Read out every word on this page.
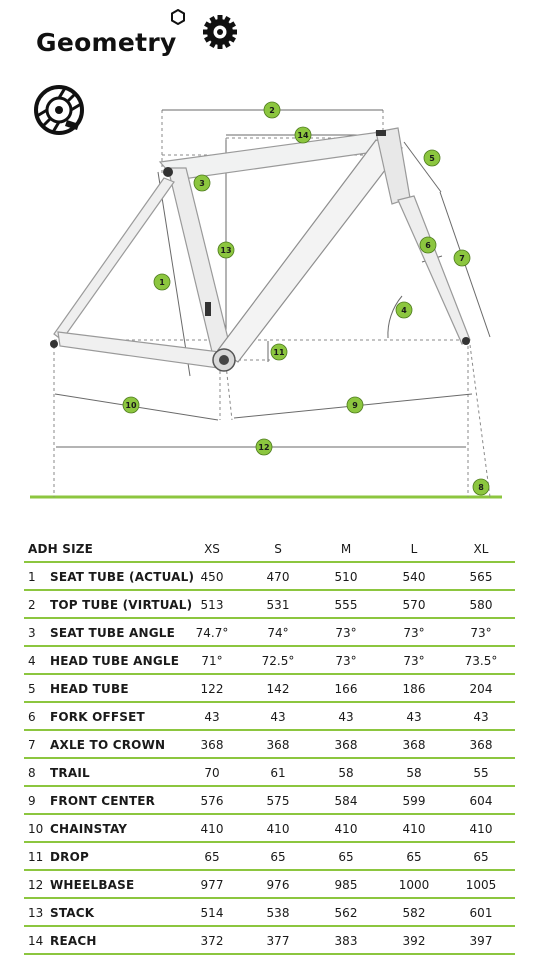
1
2
3
4
5
6
7
8
9
10
11
12
13
14
Geometry
ADH SIZE	XS	S	M	L	XL
1	SEAT TUBE (ACTUAL) 450	470	510	540	565
2	TOP TUBE (VIRTUAL) 513	531	555	570	580
3	SEAT TUBE ANGLE	74.7°	74°	73°	73°	73°
4	HEAD TUBE ANGLE	71°	72.5°	73°	73°	73.5°
5	HEAD TUBE	122	142	166	186	204
6	FORK OFFSET	43	43	43	43	43
7	AXLE TO CROWN	368	368	368	368	368
8	TRAIL	70	61	58	58	55
9	FRONT CENTER	576	575	584	599	604
10 CHAINSTAY	410	410	410	410	410
11 DROP	65	65	65	65	65
12 WHEELBASE	977	976	985	1000	1005
13 STACK	514	538	562	582	601
14 REACH	372	377	383	392	397
